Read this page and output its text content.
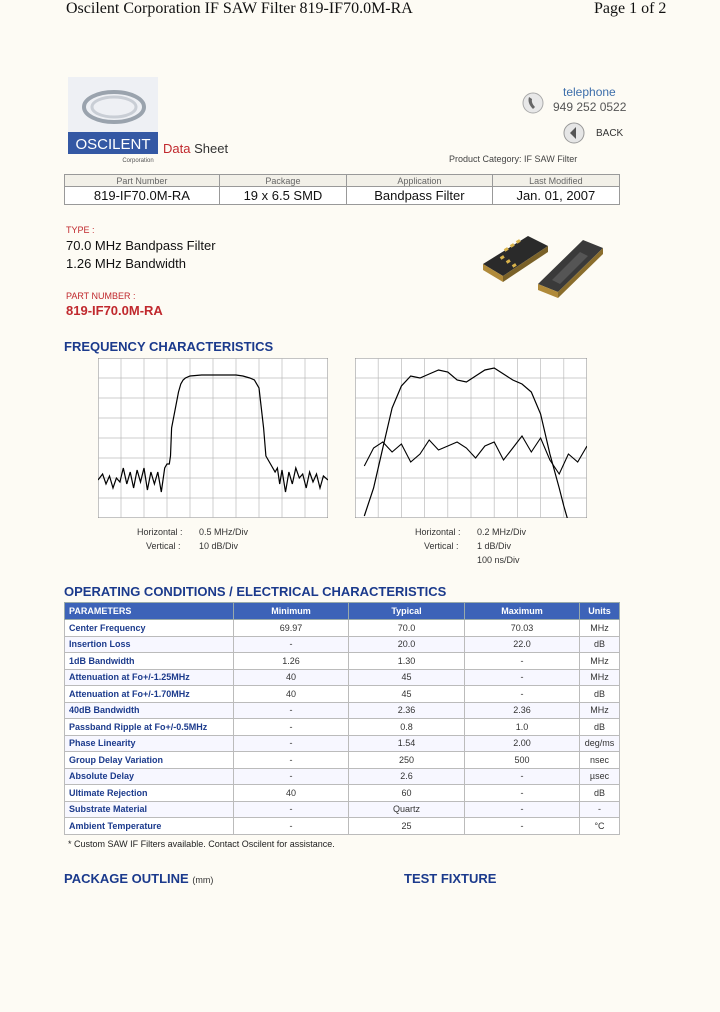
Oscilent Corporation IF SAW Filter 819-IF70.0M-RA	Page 1 of 2
OSCILENT
Corporation
Data Sheet
telephone
949 252 0522
BACK
Product Category: IF SAW Filter
Part Number	Package	Application	Last Modified
819-IF70.0M-RA	19 x 6.5 SMD	Bandpass Filter	Jan. 01, 2007
TYPE :
70.0 MHz Bandpass Filter
1.26 MHz Bandwidth
PART NUMBER :
819-IF70.0M-RA
FREQUENCY CHARACTERISTICS
Horizontal : 0.5 MHz/Div
Vertical : 10 dB/Div
Horizontal : 0.2 MHz/Div
Vertical : 1 dB/Div
100 ns/Div
OPERATING CONDITIONS / ELECTRICAL CHARACTERISTICS
PARAMETERS	Minimum	Typical	Maximum	Units
Center Frequency	69.97	70.0	70.03	MHz
Insertion Loss	-	20.0	22.0	dB
1dB Bandwidth	1.26	1.30	-	MHz
Attenuation at Fo+/-1.25MHz	40	45	-	MHz
Attenuation at Fo+/-1.70MHz	40	45	-	dB
40dB Bandwidth	-	2.36	2.36	MHz
Passband Ripple at Fo+/-0.5MHz	-	0.8	1.0	dB
Phase Linearity	-	1.54	2.00	deg/ms
Group Delay Variation	-	250	500	nsec
Absolute Delay	-	2.6	-	µsec
Ultimate Rejection	40	60	-	dB
Substrate Material	-	Quartz	-	-
Ambient Temperature	-	25	-	°C
* Custom SAW IF Filters available. Contact Oscilent for assistance.
PACKAGE OUTLINE (mm)	TEST FIXTURE
